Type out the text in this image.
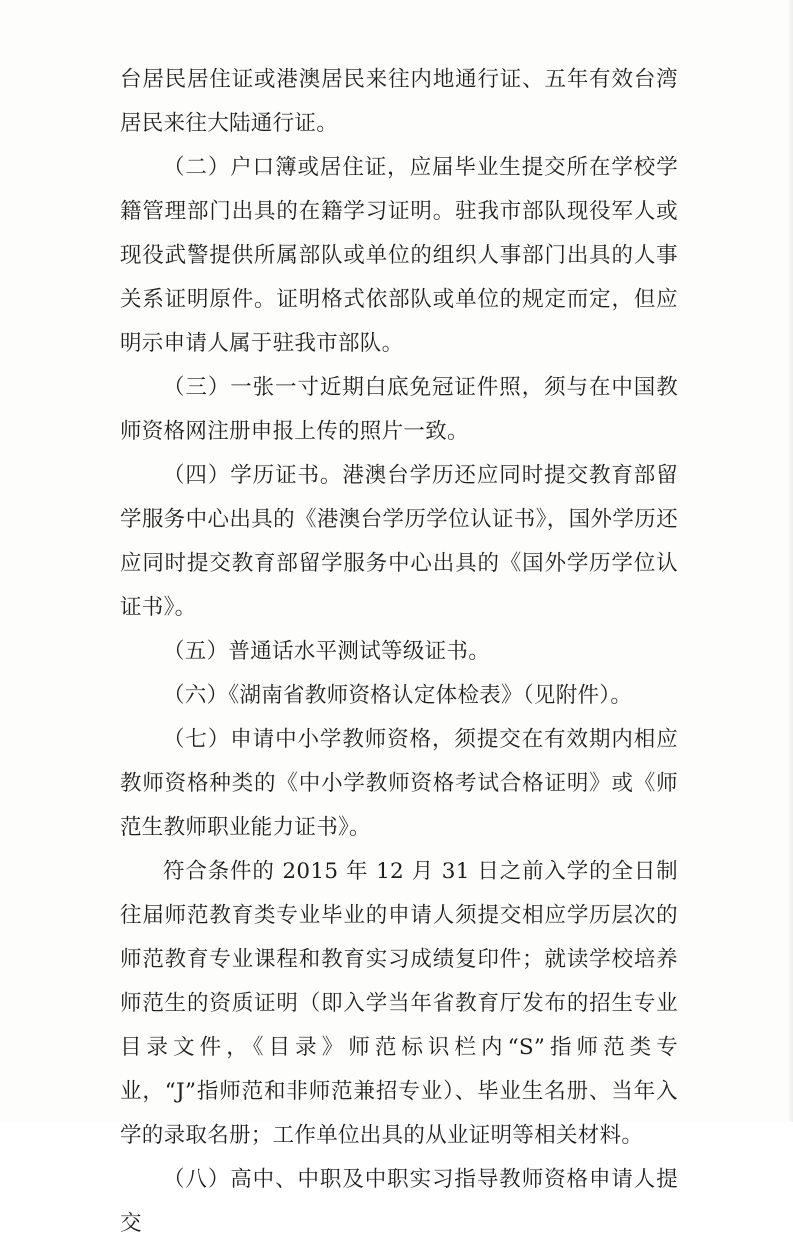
台居民居住证或港澳居民来往内地通行证、五年有效台湾居民来往大陆通行证。

（二）户口簿或居住证，应届毕业生提交所在学校学籍管理部门出具的在籍学习证明。驻我市部队现役军人或现役武警提供所属部队或单位的组织人事部门出具的人事关系证明原件。证明格式依部队或单位的规定而定，但应明示申请人属于驻我市部队。

（三）一张一寸近期白底免冠证件照，须与在中国教师资格网注册申报上传的照片一致。

（四）学历证书。港澳台学历还应同时提交教育部留学服务中心出具的《港澳台学历学位认证书》，国外学历还应同时提交教育部留学服务中心出具的《国外学历学位认证书》。

（五）普通话水平测试等级证书。

（六）《湖南省教师资格认定体检表》（见附件）。

（七）申请中小学教师资格，须提交在有效期内相应教师资格种类的《中小学教师资格考试合格证明》或《师范生教师职业能力证书》。

符合条件的 2015 年 12 月 31 日之前入学的全日制往届师范教育类专业毕业的申请人须提交相应学历层次的师范教育专业课程和教育实习成绩复印件；就读学校培养师范生的资质证明（即入学当年省教育厅发布的招生专业目录文件，《目录》师范标识栏内“S”指师范类专业，“J”指师范和非师范兼招专业）、毕业生名册、当年入学的录取名册；工作单位出具的从业证明等相关材料。

（八）高中、中职及中职实习指导教师资格申请人提交
